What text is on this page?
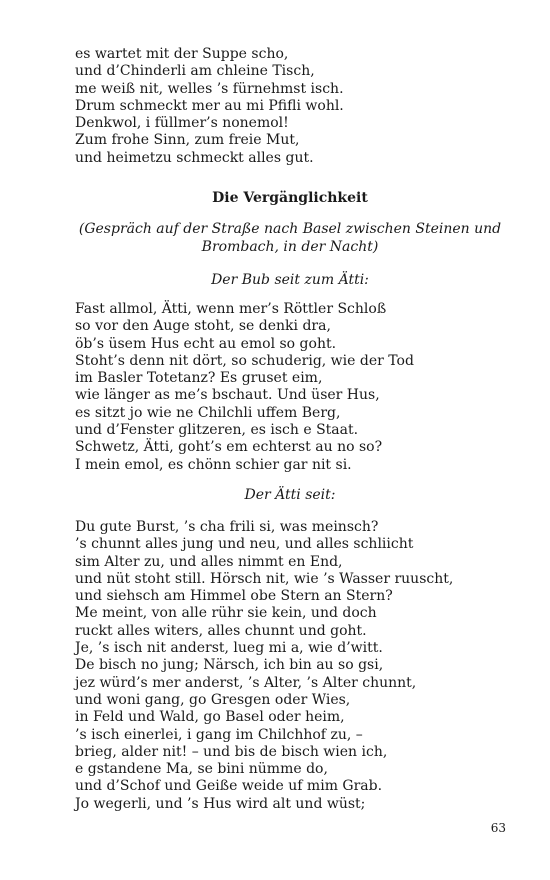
es wartet mit der Suppe scho,
und d’Chinderli am chleine Tisch,
me weiß nit, welles ’s fürnehmst isch.
Drum schmeckt mer au mi Pfifli wohl.
Denkwol, i füllmer’s nonemol!
Zum frohe Sinn, zum freie Mut,
und heimetzu schmeckt alles gut.
Die Vergänglichkeit
(Gespräch auf der Straße nach Basel zwischen Steinen und Brombach, in der Nacht)
Der Bub seit zum Ätti:
Fast allmol, Ätti, wenn mer’s Röttler Schloß
so vor den Auge stoht, se denki dra,
öb’s üsem Hus echt au emol so goht.
Stoht’s denn nit dört, so schuderig, wie der Tod
im Basler Totetanz? Es gruset eim,
wie länger as me’s bschaut. Und üser Hus,
es sitzt jo wie ne Chilchli uffem Berg,
und d’Fenster glitzeren, es isch e Staat.
Schwetz, Ätti, goht’s em echterst au no so?
I mein emol, es chönn schier gar nit si.
Der Ätti seit:
Du gute Burst, ’s cha frili si, was meinsch?
’s chunnt alles jung und neu, und alles schliicht
sim Alter zu, und alles nimmt en End,
und nüt stoht still. Hörsch nit, wie ’s Wasser ruuscht,
und siehsch am Himmel obe Stern an Stern?
Me meint, von alle rühr sie kein, und doch
ruckt alles witers, alles chunnt und goht.
Je, ’s isch nit anderst, lueg mi a, wie d’witt.
De bisch no jung; Närsch, ich bin au so gsi,
jez würd’s mer anderst, ’s Alter, ’s Alter chunnt,
und woni gang, go Gresgen oder Wies,
in Feld und Wald, go Basel oder heim,
’s isch einerlei, i gang im Chilchhof zu, –
brieg, alder nit! – und bis de bisch wien ich,
e gstandene Ma, se bini nümme do,
und d’Schof und Geiße weide uf mim Grab.
Jo wegerli, und ’s Hus wird alt und wüst;
63
